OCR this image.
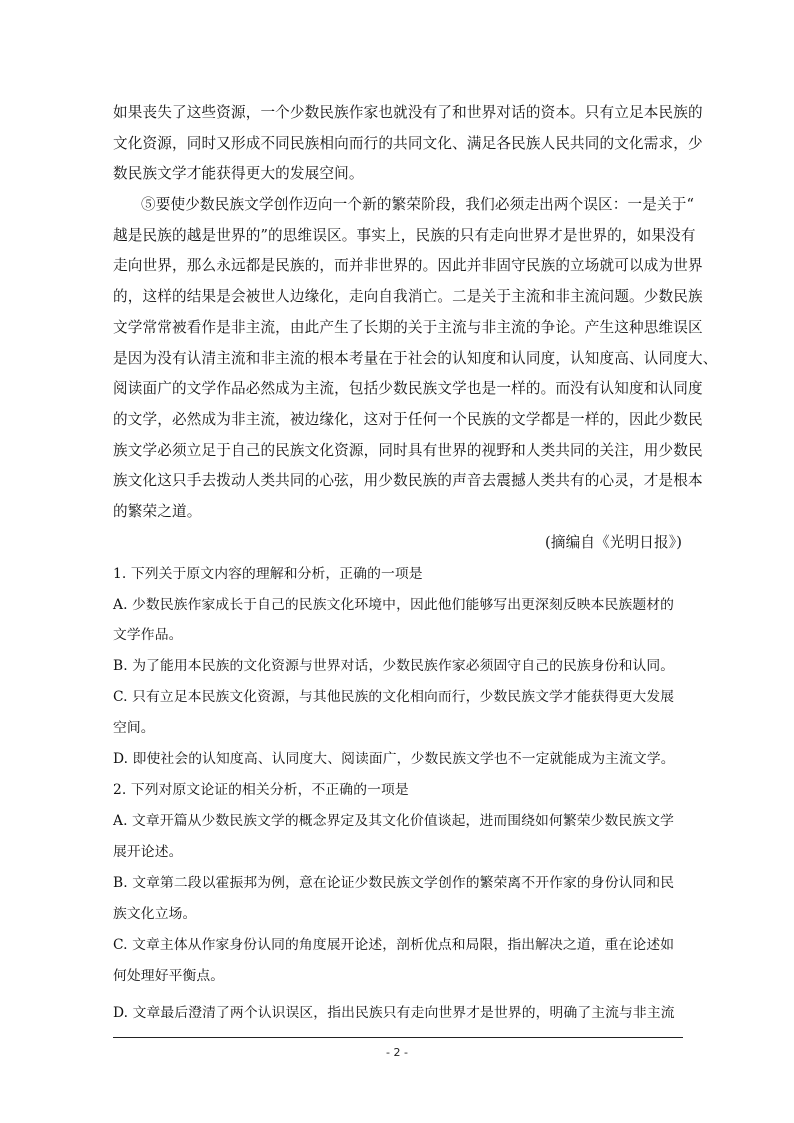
如果丧失了这些资源，一个少数民族作家也就没有了和世界对话的资本。只有立足本民族的
文化资源，同时又形成不同民族相向而行的共同文化、满足各民族人民共同的文化需求，少
数民族文学才能获得更大的发展空间。
⑤要使少数民族文学创作迈向一个新的繁荣阶段，我们必须走出两个误区：一是关于“
越是民族的越是世界的”的思维误区。事实上，民族的只有走向世界才是世界的，如果没有
走向世界，那么永远都是民族的，而并非世界的。因此并非固守民族的立场就可以成为世界
的，这样的结果是会被世人边缘化，走向自我消亡。二是关于主流和非主流问题。少数民族
文学常常被看作是非主流，由此产生了长期的关于主流与非主流的争论。产生这种思维误区
是因为没有认清主流和非主流的根本考量在于社会的认知度和认同度，认知度高、认同度大、
阅读面广的文学作品必然成为主流，包括少数民族文学也是一样的。而没有认知度和认同度
的文学，必然成为非主流，被边缘化，这对于任何一个民族的文学都是一样的，因此少数民
族文学必须立足于自己的民族文化资源，同时具有世界的视野和人类共同的关注，用少数民
族文化这只手去拨动人类共同的心弦，用少数民族的声音去震撼人类共有的心灵，才是根本
的繁荣之道。
(摘编自《光明日报》)
1. 下列关于原文内容的理解和分析，正确的一项是
A. 少数民族作家成长于自己的民族文化环境中，因此他们能够写出更深刻反映本民族题材的
文学作品。
B. 为了能用本民族的文化资源与世界对话，少数民族作家必须固守自己的民族身份和认同。
C. 只有立足本民族文化资源，与其他民族的文化相向而行，少数民族文学才能获得更大发展
空间。
D. 即使社会的认知度高、认同度大、阅读面广，少数民族文学也不一定就能成为主流文学。
2. 下列对原文论证的相关分析，不正确的一项是
A. 文章开篇从少数民族文学的概念界定及其文化价值谈起，进而围绕如何繁荣少数民族文学
展开论述。
B. 文章第二段以霍振邦为例，意在论证少数民族文学创作的繁荣离不开作家的身份认同和民
族文化立场。
C. 文章主体从作家身份认同的角度展开论述，剖析优点和局限，指出解决之道，重在论述如
何处理好平衡点。
D. 文章最后澄清了两个认识误区，指出民族只有走向世界才是世界的，明确了主流与非主流
- 2 -
